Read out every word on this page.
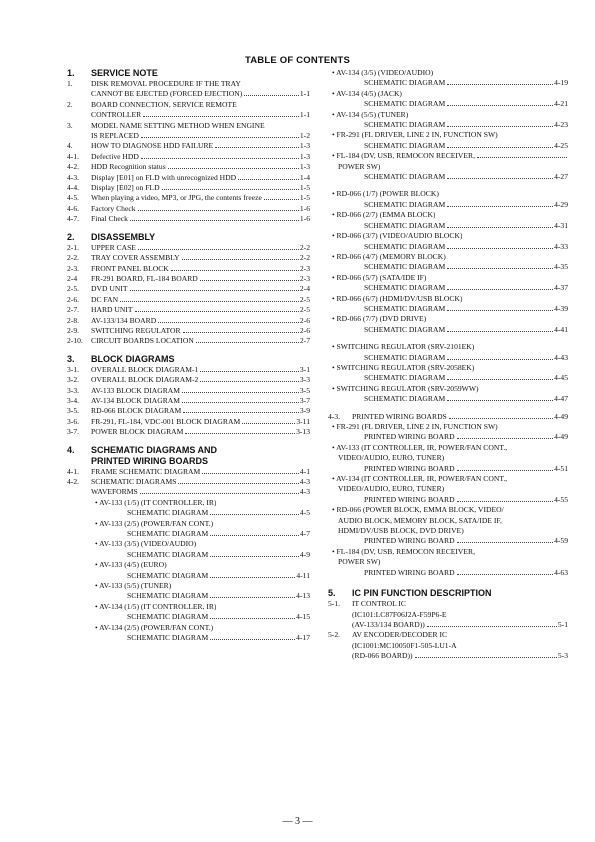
TABLE OF CONTENTS
1.	SERVICE NOTE
1.	DISK REMOVAL PROCEDURE IF THE TRAY
CANNOT BE EJECTED (FORCED EJECTION)	1-1
2.	BOARD CONNECTION, SERVICE REMOTE
CONTROLLER	1-1
3.	MODEL NAME SETTING METHOD WHEN ENGINE
IS REPLACED	1-2
4.	HOW TO DIAGNOSE HDD FAILURE	1-3
4-1.	Defective HDD	1-3
4-2.	HDD Recognition status	1-3
4-3.	Display [E01] on FLD with unrecognized HDD	1-4
4-4.	Display [E02] on FLD	1-5
4-5.	When playing a video, MP3, or JPG, the contents freeze	1-5
4-6.	Factory Check	1-6
4-7.	Final Check	1-6
2.	DISASSEMBLY
2-1.	UPPER CASE	2-2
2-2.	TRAY COVER ASSEMBLY	2-2
2-3.	FRONT PANEL BLOCK	2-3
2-4	FR-291 BOARD, FL-184 BOARD	2-3
2-5.	DVD UNIT	2-4
2-6.	DC FAN	2-5
2-7.	HARD UNIT	2-5
2-8.	AV-133/134 BOARD	2-6
2-9.	SWITCHING REGULATOR	2-6
2-10.	CIRCUIT BOARDS LOCATION	2-7
3.	BLOCK DIAGRAMS
3-1.	OVERALL BLOCK DIAGRAM-1	3-1
3-2.	OVERALL BLOCK DIAGRAM-2	3-3
3-3.	AV-133 BLOCK DIAGRAM	3-5
3-4.	AV-134 BLOCK DIAGRAM	3-7
3-5.	RD-066 BLOCK DIAGRAM	3-9
3-6.	FR-291, FL-184, VDC-001 BLOCK DIAGRAM	3-11
3-7.	POWER BLOCK DIAGRAM	3-13
4.	SCHEMATIC DIAGRAMS AND
PRINTED WIRING BOARDS
4-1.	FRAME SCHEMATIC DIAGRAM	4-1
4-2.	SCHEMATIC DIAGRAMS	4-3
WAVEFORMS	4-3
• AV-133 (1/5) (IT CONTROLLER, IR)
SCHEMATIC DIAGRAM	4-5
• AV-133 (2/5) (POWER/FAN CONT.)
SCHEMATIC DIAGRAM	4-7
• AV-133 (3/5) (VIDEO/AUDIO)
SCHEMATIC DIAGRAM	4-9
• AV-133 (4/5) (EURO)
SCHEMATIC DIAGRAM	4-11
• AV-133 (5/5) (TUNER)
SCHEMATIC DIAGRAM	4-13
• AV-134 (1/5) (IT CONTROLLER, IR)
SCHEMATIC DIAGRAM	4-15
• AV-134 (2/5) (POWER/FAN CONT.)
SCHEMATIC DIAGRAM	4-17
• AV-134 (3/5) (VIDEO/AUDIO)
SCHEMATIC DIAGRAM	4-19
• AV-134 (4/5) (JACK)
SCHEMATIC DIAGRAM	4-21
• AV-134 (5/5) (TUNER)
SCHEMATIC DIAGRAM	4-23
• FR-291 (FL DRIVER, LINE 2 IN, FUNCTION SW)
SCHEMATIC DIAGRAM	4-25
• FL-184 (DV, USB, REMOCON RECEIVER,
POWER SW)
SCHEMATIC DIAGRAM	4-27
• RD-066 (1/7) (POWER BLOCK)
SCHEMATIC DIAGRAM	4-29
• RD-066 (2/7) (EMMA BLOCK)
SCHEMATIC DIAGRAM	4-31
• RD-066 (3/7) (VIDEO/AUDIO BLOCK)
SCHEMATIC DIAGRAM	4-33
• RD-066 (4/7) (MEMORY BLOCK)
SCHEMATIC DIAGRAM	4-35
• RD-066 (5/7) (SATA/IDE IF)
SCHEMATIC DIAGRAM	4-37
• RD-066 (6/7) (HDMI/DV/USB BLOCK)
SCHEMATIC DIAGRAM	4-39
• RD-066 (7/7) (DVD DRIVE)
SCHEMATIC DIAGRAM	4-41
• SWITCHING REGULATOR (SRV-2101EK)
SCHEMATIC DIAGRAM	4-43
• SWITCHING REGULATOR (SRV-2058EK)
SCHEMATIC DIAGRAM	4-45
• SWITCHING REGULATOR (SRV-2059WW)
SCHEMATIC DIAGRAM	4-47
4-3.	PRINTED WIRING BOARDS	4-49
• FR-291 (FL DRIVER, LINE 2 IN, FUNCTION SW)
PRINTED WIRING BOARD	4-49
• AV-133 (IT CONTROLLER, IR, POWER/FAN CONT.,
VIDEO/AUDIO, EURO, TUNER)
PRINTED WIRING BOARD	4-51
• AV-134 (IT CONTROLLER, IR, POWER/FAN CONT.,
VIDEO/AUDIO, EURO, TUNER)
PRINTED WIRING BOARD	4-55
• RD-066 (POWER BLOCK, EMMA BLOCK, VIDEO/
AUDIO BLOCK, MEMORY BLOCK, SATA/IDE IF,
HDMI/DV/USB BLOCK, DVD DRIVE)
PRINTED WIRING BOARD	4-59
• FL-184 (DV, USB, REMOCON RECEIVER,
POWER SW)
PRINTED WIRING BOARD	4-63
5.	IC PIN FUNCTION DESCRIPTION
5-1.	IT CONTROL IC
(IC101:LC87F06J2A-F59P6-E
(AV-133/134 BOARD))	5-1
5-2.	AV ENCODER/DECODER IC
(IC1001:MC10050F1-505-LU1-A
(RD-066 BOARD))	5-3
— 3 —
